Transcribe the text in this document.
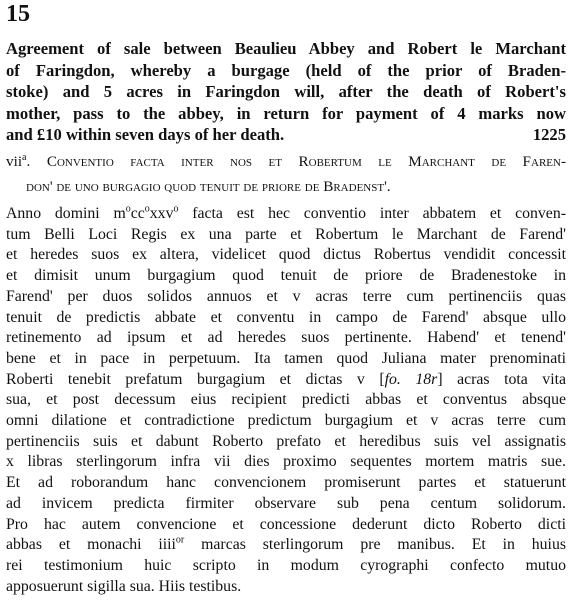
15
Agreement of sale between Beaulieu Abbey and Robert le Marchant
of Faringdon, whereby a burgage (held of the prior of Braden-
stoke) and 5 acres in Faringdon will, after the death of Robert's
mother, pass to the abbey, in return for payment of 4 marks now
and £10 within seven days of her death.	1225
vii$^a$. Conventio facta inter nos et Robertum le Marchant de Faren-
don' de uno burgagio quod tenuit de priore de Bradenst'.
Anno domini $m^occ^oxxv^o$ facta est hec conventio inter abbatem et conven-
tum Belli Loci Regis ex una parte et Robertum le Marchant de Farend'
et heredes suos ex altera, videlicet quod dictus Robertus vendidit concessit
et dimisit unum burgagium quod tenuit de priore de Bradenestoke in
Farend' per duos solidos annuos et v acras terre cum pertinenciis quas
tenuit de predictis abbate et conventu in campo de Farend' absque ullo
retinemento ad ipsum et ad heredes suos pertinente. Habend' et tenend'
bene et in pace in perpetuum. Ita tamen quod Juliana mater prenominati
Roberti tenebit prefatum burgagium et dictas v [fo. 18r] acras tota vita
sua, et post decessum eius recipient predicti abbas et conventus absque
omni dilatione et contradictione predictum burgagium et v acras terre cum
pertinenciis suis et dabunt Roberto prefato et heredibus suis vel assignatis
x libras sterlingorum infra vii dies proximo sequentes mortem matris sue.
Et ad roborandum hanc convencionem promiserunt partes et statuerunt
ad invicem predicta firmiter observare sub pena centum solidorum.
Pro hac autem convencione et concessione dederunt dicto Roberto dicti
abbas et monachi iiii$^{or}$ marcas sterlingorum pre manibus. Et in huius
rei testimonium huic scripto in modum cyrographi confecto mutuo
apposuerunt sigilla sua. Hiis testibus.
